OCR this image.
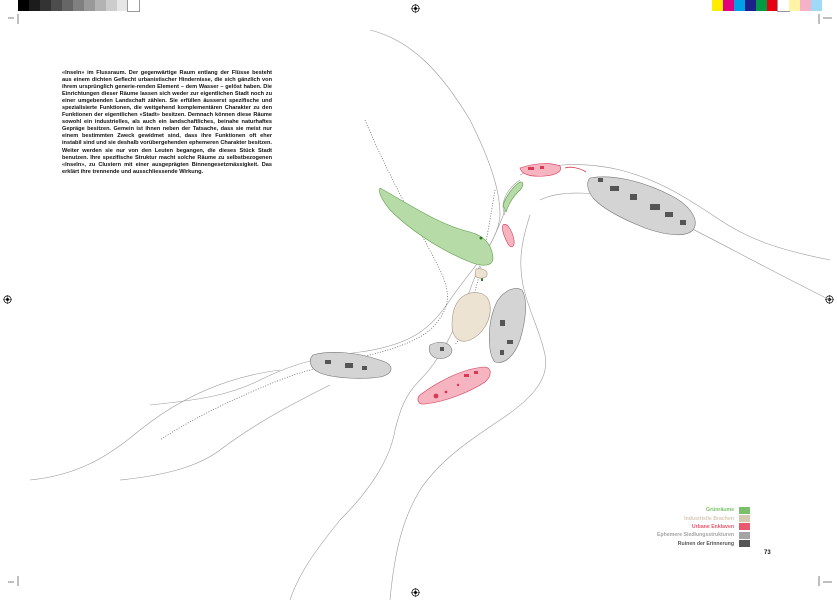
«Inseln» im Flussraum. Der gegenwärtige Raum entlang der Flüsse besteht aus einem dichten Geflecht urbanistischer Hindernisse, die sich gänzlich von ihrem ursprünglich generie-renden Element – dem Wasser – gelöst haben. Die Einrichtungen dieser Räume lassen sich weder zur eigentlichen Stadt noch zu einer umgebenden Landschaft zählen. Sie erfüllen äusserst spezifische und spezialisierte Funktionen, die weitgehend komplementären Charakter zu den Funktionen der eigentlichen «Stadt» besitzen. Demnach können diese Räume sowohl ein industrielles, als auch ein landschaftliches, beinahe naturhaftes Gepräge besitzen. Gemein ist ihnen neben der Tatsache, dass sie meist nur einem bestimmten Zweck gewidmet sind, dass ihre Funktionen oft eher instabil sind und sie deshalb vorübergehenden ephemeren Charakter besitzen. Weiter werden sie nur von den Leuten begangen, die dieses Stück Stadt benutzen. Ihre spezifische Struktur macht solche Räume zu selbstbezogenen «Inseln», zu Clustern mit einer ausgeprägten Binnengesetzmässigkeit. Das erklärt ihre trennende und ausschliessende Wirkung.
Grünräume
Industrielle Brachen
Urbane Enklaven
Ephemere Siedlungsstrukturen
Ruinen der Erinnerung
73
